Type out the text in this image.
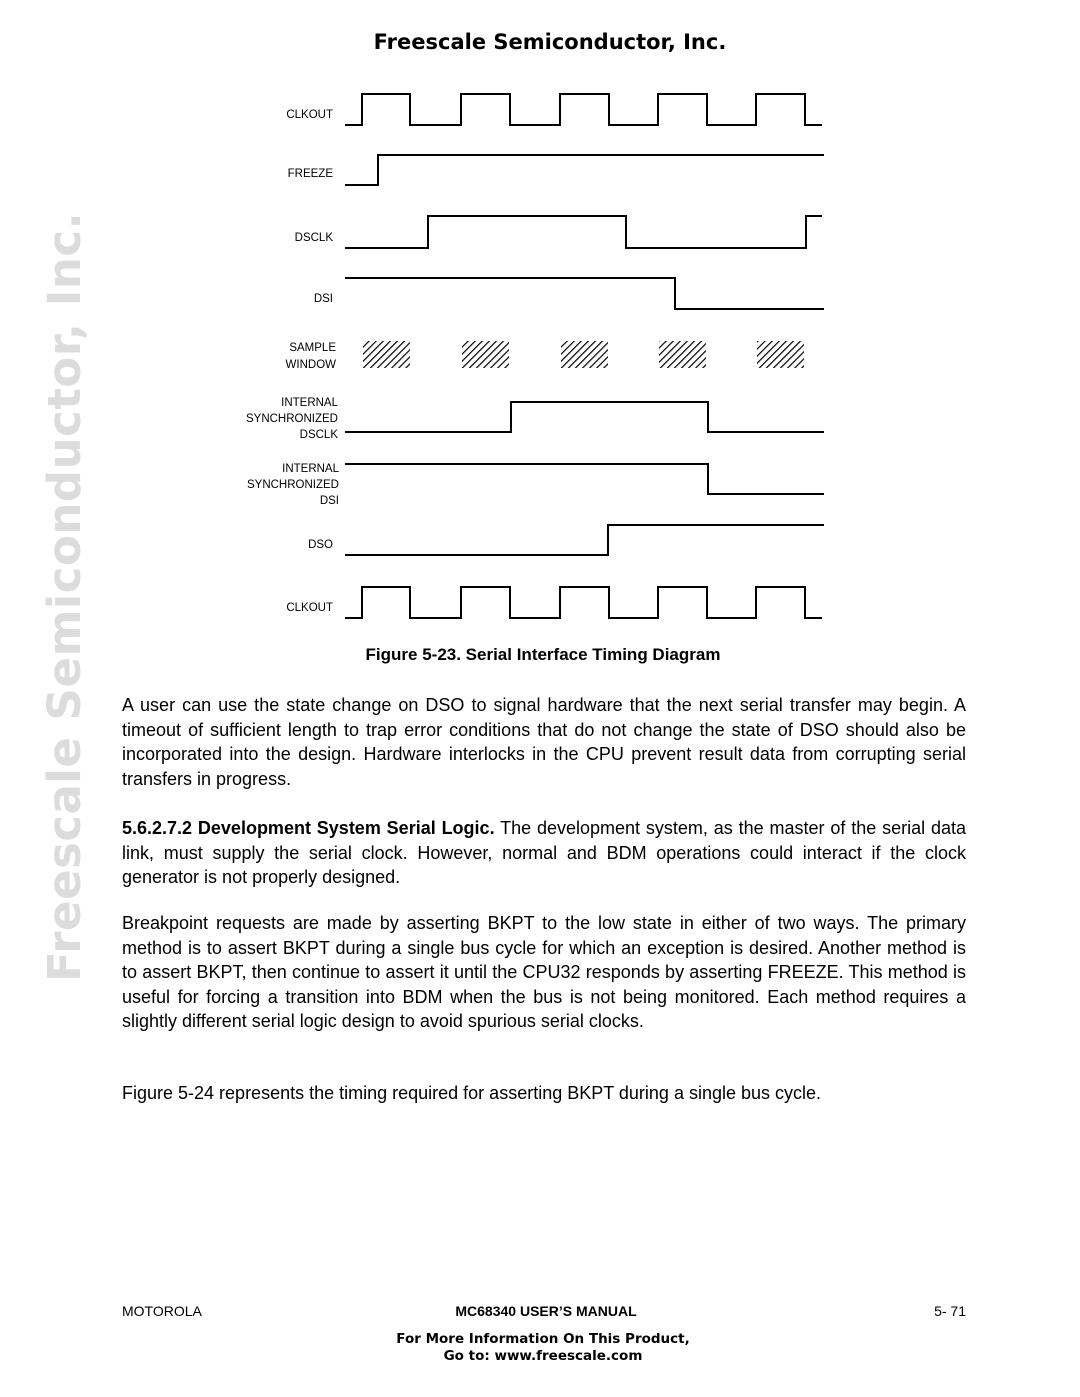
Freescale Semiconductor, Inc.
Freescale Semiconductor, Inc.
CLKOUT
FREEZE
DSCLK
DSI
SAMPLE
WINDOW
INTERNAL
SYNCHRONIZED
DSCLK
INTERNAL
SYNCHRONIZED
DSI
DSO
CLKOUT
Figure 5-23. Serial Interface Timing Diagram

A user can use the state change on DSO to signal hardware that the next serial transfer may begin. A timeout of sufficient length to trap error conditions that do not change the state of DSO should also be incorporated into the design. Hardware interlocks in the CPU prevent result data from corrupting serial transfers in progress.

5.6.2.7.2 Development System Serial Logic. The development system, as the master of the serial data link, must supply the serial clock. However, normal and BDM operations could interact if the clock generator is not properly designed.

Breakpoint requests are made by asserting BKPT to the low state in either of two ways. The primary method is to assert BKPT during a single bus cycle for which an exception is desired. Another method is to assert BKPT, then continue to assert it until the CPU32 responds by asserting FREEZE. This method is useful for forcing a transition into BDM when the bus is not being monitored. Each method requires a slightly different serial logic design to avoid spurious serial clocks.

Figure 5-24 represents the timing required for asserting BKPT during a single bus cycle.

MOTOROLA	MC68340 USER’S MANUAL	5- 71
For More Information On This Product,
Go to: www.freescale.com
